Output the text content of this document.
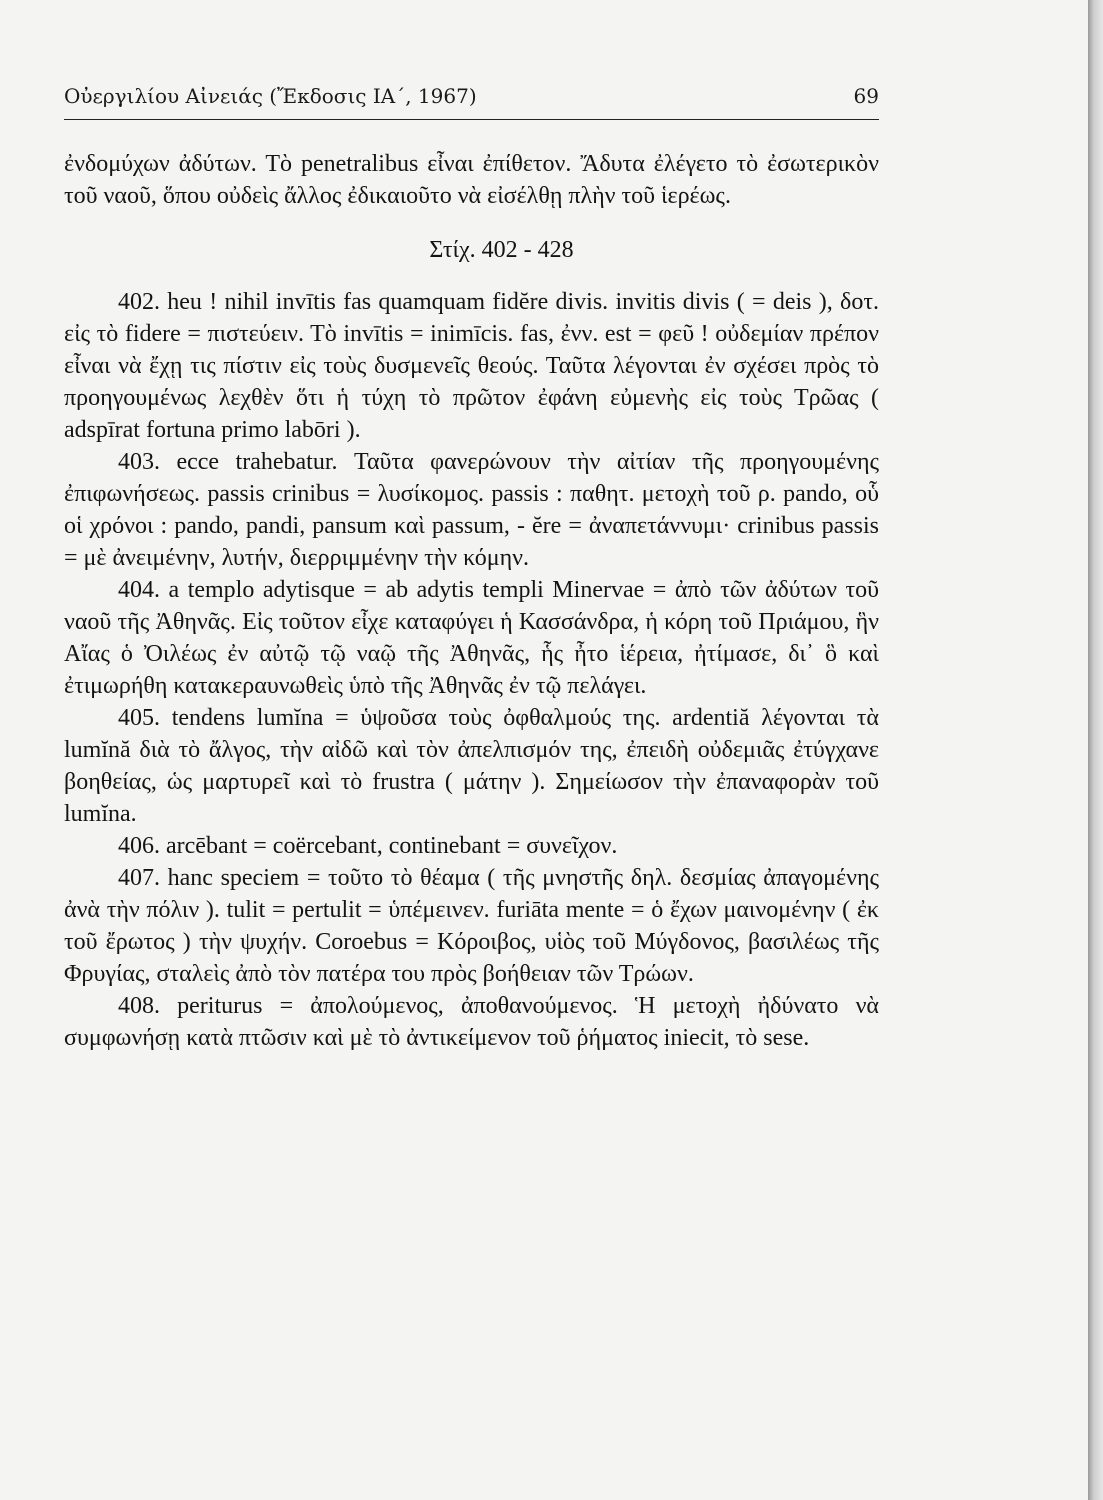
Οὐεργιλίου Αἰνειάς (Ἔκδοσις ΙΑ΄, 1967)	69

ἐνδομύχων ἀδύτων. Τὸ penetralibus εἶναι ἐπίθετον. Ἄδυτα ἐλέγετο τὸ ἐσωτερικὸν τοῦ ναοῦ, ὅπου οὐδεὶς ἄλλος ἐδικαιοῦτο νὰ εἰσέλθῃ πλὴν τοῦ ἱερέως.

Στίχ. 402 - 428

402. heu ! nihil invītis fas quamquam fidĕre divis. invitis divis ( = deis ), δοτ. εἰς τὸ fidere = πιστεύειν. Τὸ invītis = inimīcis. fas, ἐνν. est = φεῦ ! οὐδεμίαν πρέπον εἶναι νὰ ἔχῃ τις πίστιν εἰς τοὺς δυσμενεῖς θεούς. Ταῦτα λέγονται ἐν σχέσει πρὸς τὸ προηγουμένως λεχθὲν ὅτι ἡ τύχη τὸ πρῶτον ἐφάνη εὐμενὴς εἰς τοὺς Τρῶας ( adspīrat fortuna primo labōri ).

403. ecce trahebatur. Ταῦτα φανερώνουν τὴν αἰτίαν τῆς προηγουμένης ἐπιφωνήσεως. passis crinibus = λυσίκομος. passis : παθητ. μετοχὴ τοῦ ρ. pando, οὗ οἱ χρόνοι : pando, pandi, pansum καὶ passum, - ĕre = ἀναπετάννυμι· crinibus passis = μὲ ἀνειμένην, λυτήν, διερριμμένην τὴν κόμην.

404. a templo adytisque = ab adytis templi Minervae = ἀπὸ τῶν ἀδύτων τοῦ ναοῦ τῆς Ἀθηνᾶς. Εἰς τοῦτον εἶχε καταφύγει ἡ Κασσάνδρα, ἡ κόρη τοῦ Πριάμου, ἣν Αἴας ὁ Ὀιλέως ἐν αὐτῷ τῷ ναῷ τῆς Ἀθηνᾶς, ἧς ἦτο ἱέρεια, ἠτίμασε, δι᾽ ὃ καὶ ἐτιμωρήθη κατακεραυνωθεὶς ὑπὸ τῆς Ἀθηνᾶς ἐν τῷ πελάγει.

405. tendens lumĭna = ὑψοῦσα τοὺς ὀφθαλμούς της. ardentiă λέγονται τὰ lumĭnă διὰ τὸ ἄλγος, τὴν αἰδῶ καὶ τὸν ἀπελπισμόν της, ἐπειδὴ οὐδεμιᾶς ἐτύγχανε βοηθείας, ὡς μαρτυρεῖ καὶ τὸ frustra ( μάτην ). Σημείωσον τὴν ἐπαναφορὰν τοῦ lumĭna.

406. arcēbant = coërcebant, continebant = συνεῖχον.

407. hanc speciem = τοῦτο τὸ θέαμα ( τῆς μνηστῆς δηλ. δεσμίας ἀπαγομένης ἀνὰ τὴν πόλιν ). tulit = pertulit = ὑπέμεινεν. furiāta mente = ὁ ἔχων μαινομένην ( ἐκ τοῦ ἔρωτος ) τὴν ψυχήν. Coroebus = Κόροιβος, υἱὸς τοῦ Μύγδονος, βασιλέως τῆς Φρυγίας, σταλεὶς ἀπὸ τὸν πατέρα του πρὸς βοήθειαν τῶν Τρώων.

408. periturus = ἀπολούμενος, ἀποθανούμενος. Ἡ μετοχὴ ἠδύνατο νὰ συμφωνήσῃ κατὰ πτῶσιν καὶ μὲ τὸ ἀντικείμενον τοῦ ῥήματος iniecit, τὸ sese.
